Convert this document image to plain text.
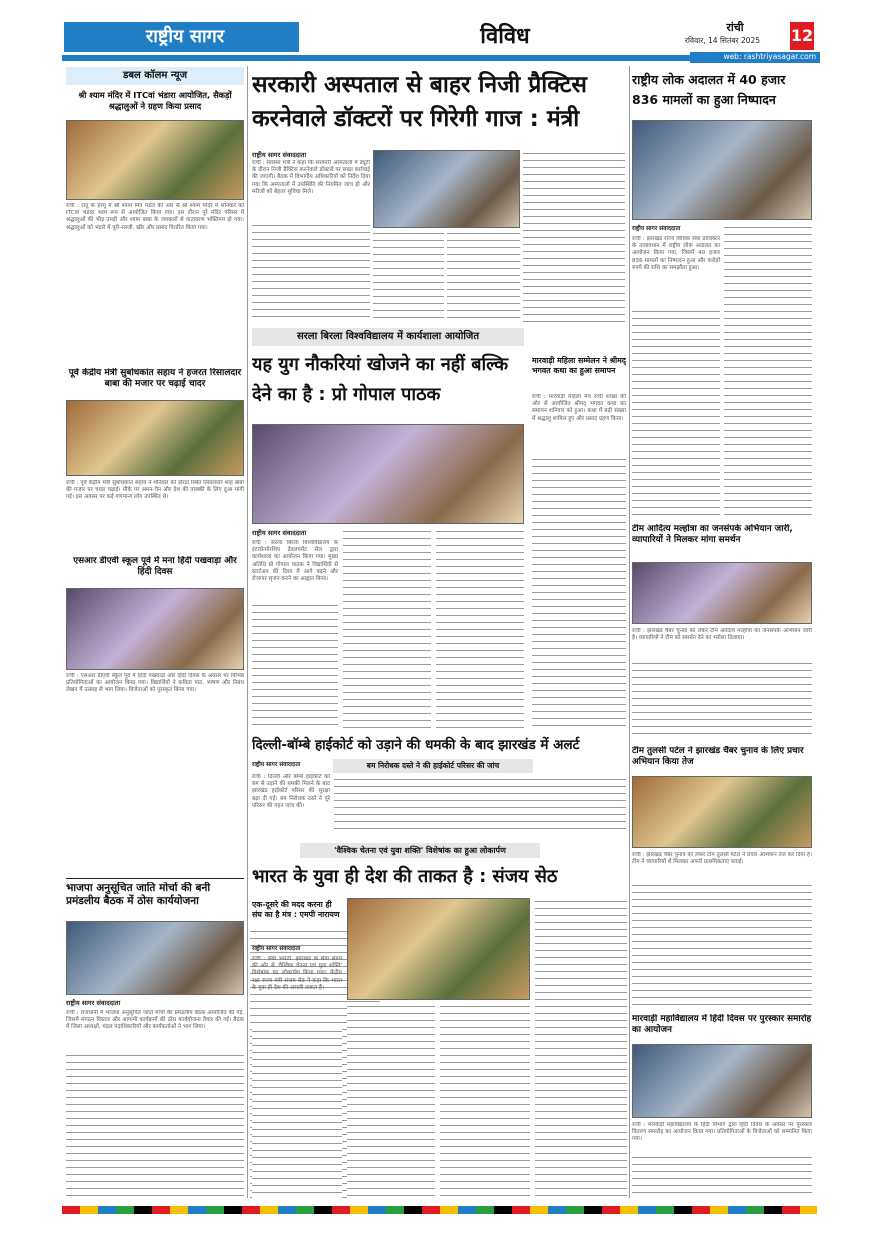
राष्ट्रीय सागर	विविध	रांची
रविवार, 14 सितंबर 2025	12
web: rashtriyasagar.com
डबल कॉलम न्यूज
श्री श्याम मंदिर में ITCवां भंडारा आयोजित, सैकड़ों श्रद्धालुओं ने ग्रहण किया प्रसाद
रांची : रातू के हरमू में श्री श्याम मित्र मंडल की ओर से श्री श्याम मंदिर में शनिवार को ITCवां भंडारा भव्य रूप से आयोजित किया गया। इस दौरान पूरे मंदिर परिसर में श्रद्धालुओं की भीड़ उमड़ी और श्याम बाबा के जयकारों से वातावरण भक्तिमय हो गया। श्रद्धालुओं को भंडारे में पूरी-सब्जी, खीर और प्रसाद वितरित किया गया।
पूर्व केंद्रीय मंत्री सुबोधकांत सहाय ने हजरत रिसालदार बाबा की मजार पर चढ़ाई चादर
रांची : पूर्व केंद्रीय मंत्री सुबोधकांत सहाय ने शनिवार को डोरंडा स्थित रिसालदार शाह बाबा की मजार पर चादर चढ़ाई। मौके पर अमन-चैन और देश की तरक्की के लिए दुआ मांगी गई। इस अवसर पर कई गणमान्य लोग उपस्थित थे।
एसआर डीएवी स्कूल पूर्व में मना हिंदी पखवाड़ा और हिंदी दिवस
रांची : एसआर डीएवी स्कूल पूर्व में हिंदी पखवाड़ा और हिंदी दिवस के अवसर पर विभिन्न प्रतियोगिताओं का आयोजन किया गया। विद्यार्थियों ने कविता पाठ, भाषण और निबंध लेखन में उत्साह से भाग लिया। विजेताओं को पुरस्कृत किया गया।
भाजपा अनुसूचित जाति मोर्चा की बनी प्रमंडलीय बैठक में ठोस कार्ययोजना
राष्ट्रीय सागर संवाददाता
रांची : राजधानी में भाजपा अनुसूचित जाति मोर्चा की प्रमंडलीय बैठक आयोजित की गई, जिसमें संगठन विस्तार और आगामी कार्यक्रमों की ठोस कार्ययोजना तैयार की गई। बैठक में जिला अध्यक्षों, मंडल पदाधिकारियों और कार्यकर्ताओं ने भाग लिया।
सरकारी अस्पताल से बाहर निजी प्रैक्टिस करनेवाले डॉक्टरों पर गिरेगी गाज : मंत्री
राष्ट्रीय सागर संवाददाता
रांची : स्वास्थ्य मंत्री ने कहा कि सरकारी अस्पतालों में ड्यूटी के दौरान निजी प्रैक्टिस करनेवाले डॉक्टरों पर सख्त कार्रवाई की जाएगी। बैठक में विभागीय अधिकारियों को निर्देश दिया गया कि अस्पतालों में उपस्थिति की नियमित जांच हो और मरीजों को बेहतर सुविधा मिले।
सरला बिरला विश्वविद्यालय में कार्यशाला आयोजित
यह युग नौकरियां खोजने का नहीं बल्कि देने का है : प्रो गोपाल पाठक
राष्ट्रीय सागर संवाददाता
रांची : सरला बिरला विश्वविद्यालय के इंटरप्रेन्योरशिप डेवलपमेंट सेल द्वारा कार्यशाला का आयोजन किया गया। मुख्य अतिथि प्रो गोपाल पाठक ने विद्यार्थियों से स्टार्टअप की दिशा में आगे बढ़ने और रोजगार सृजन करने का आह्वान किया।
मारवाड़ी महिला सम्मेलन ने श्रीमद् भगवत कथा का हुआ समापन
रांची : मारवाड़ी महिला मंच रांची शाखा की ओर से आयोजित श्रीमद् भगवत कथा का समापन शनिवार को हुआ। कथा में बड़ी संख्या में श्रद्धालु शामिल हुए और प्रसाद ग्रहण किया।
दिल्ली-बॉम्बे हाईकोर्ट को उड़ाने की धमकी के बाद झारखंड में अलर्ट
बम निरोधक दस्ते ने की हाईकोर्ट परिसर की जांच
राष्ट्रीय सागर संवाददाता
रांची : दिल्ली और बॉम्बे हाईकोर्ट को बम से उड़ाने की धमकी मिलने के बाद झारखंड हाईकोर्ट परिसर की सुरक्षा बढ़ा दी गई। बम निरोधक दस्ते ने पूरे परिसर की गहन जांच की।
'वैश्विक चेतना एवं युवा शक्ति' विशेषांक का हुआ लोकार्पण
भारत के युवा ही देश की ताकत है : संजय सेठ
एक-दूसरे की मदद करना ही संघ का है मंत्र : एमपी नारायण
राष्ट्रीय सागर संवाददाता
रांची : सेवा भारती, झारखंड के सेवा संगम की ओर से 'वैश्विक चेतना एवं युवा शक्ति' विशेषांक का लोकार्पण किया गया। केंद्रीय रक्षा राज्य मंत्री संजय सेठ ने कहा कि भारत के युवा ही देश की असली ताकत हैं।
राष्ट्रीय लोक अदालत में 40 हजार 836 मामलों का हुआ निष्पादन
राष्ट्रीय सागर संवाददाता
रांची : झारखंड राज्य विधिक सेवा प्राधिकार के तत्वावधान में राष्ट्रीय लोक अदालत का आयोजन किया गया, जिसमें 40 हजार 836 मामलों का निष्पादन हुआ और करोड़ों रुपये की राशि का समझौता हुआ।
टीम आदित्य मल्होत्रा का जनसंपर्क अभियान जारी, व्यापारियों ने मिलकर मांगा समर्थन
रांची : झारखंड चैंबर चुनाव को लेकर टीम आदित्य मल्होत्रा का जनसंपर्क अभियान जारी है। व्यापारियों ने टीम को समर्थन देने का भरोसा दिलाया।
टीम तुलसी पटेल ने झारखंड चैंबर चुनाव के लिए प्रचार अभियान किया तेज
रांची : झारखंड चैंबर चुनाव को लेकर टीम तुलसी पटेल ने प्रचार अभियान तेज कर दिया है। टीम ने व्यापारियों से मिलकर अपनी प्राथमिकताएं बताईं।
मारवाड़ी महाविद्यालय में हिंदी दिवस पर पुरस्कार समारोह का आयोजन
रांची : मारवाड़ी महाविद्यालय के हिंदी विभाग द्वारा हिंदी दिवस के अवसर पर पुरस्कार वितरण समारोह का आयोजन किया गया। प्रतियोगिताओं के विजेताओं को सम्मानित किया गया।
